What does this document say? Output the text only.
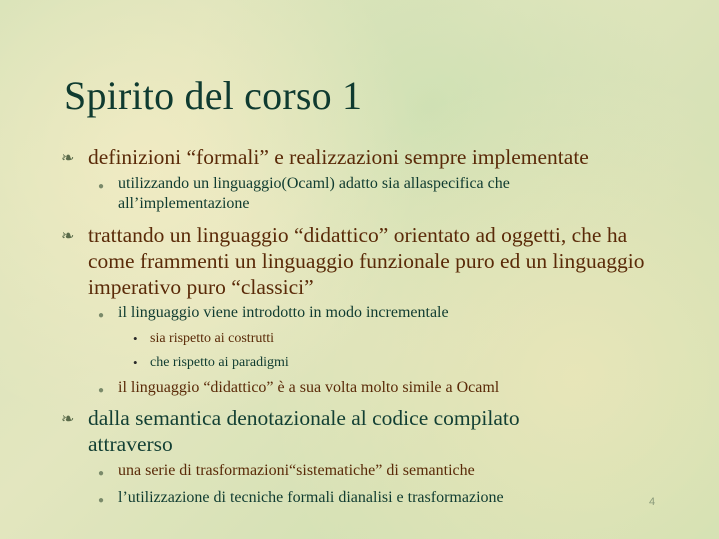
Spirito del corso 1
❧ definizioni “formali” e realizzazioni sempre implementate
● utilizzando un linguaggio(Ocaml) adatto sia allaspecifica che all’implementazione
❧ trattando un linguaggio “didattico” orientato ad oggetti, che ha come frammenti un linguaggio funzionale puro ed un linguaggio imperativo puro “classici”
● il linguaggio viene introdotto in modo incrementale
• sia rispetto ai costrutti
• che rispetto ai paradigmi
● il linguaggio “didattico” è a sua volta molto simile a Ocaml
❧ dalla semantica denotazionale al codice compilato attraverso
● una serie di trasformazioni“sistematiche” di semantiche
● l’utilizzazione di tecniche formali dianalisi e trasformazione	4
